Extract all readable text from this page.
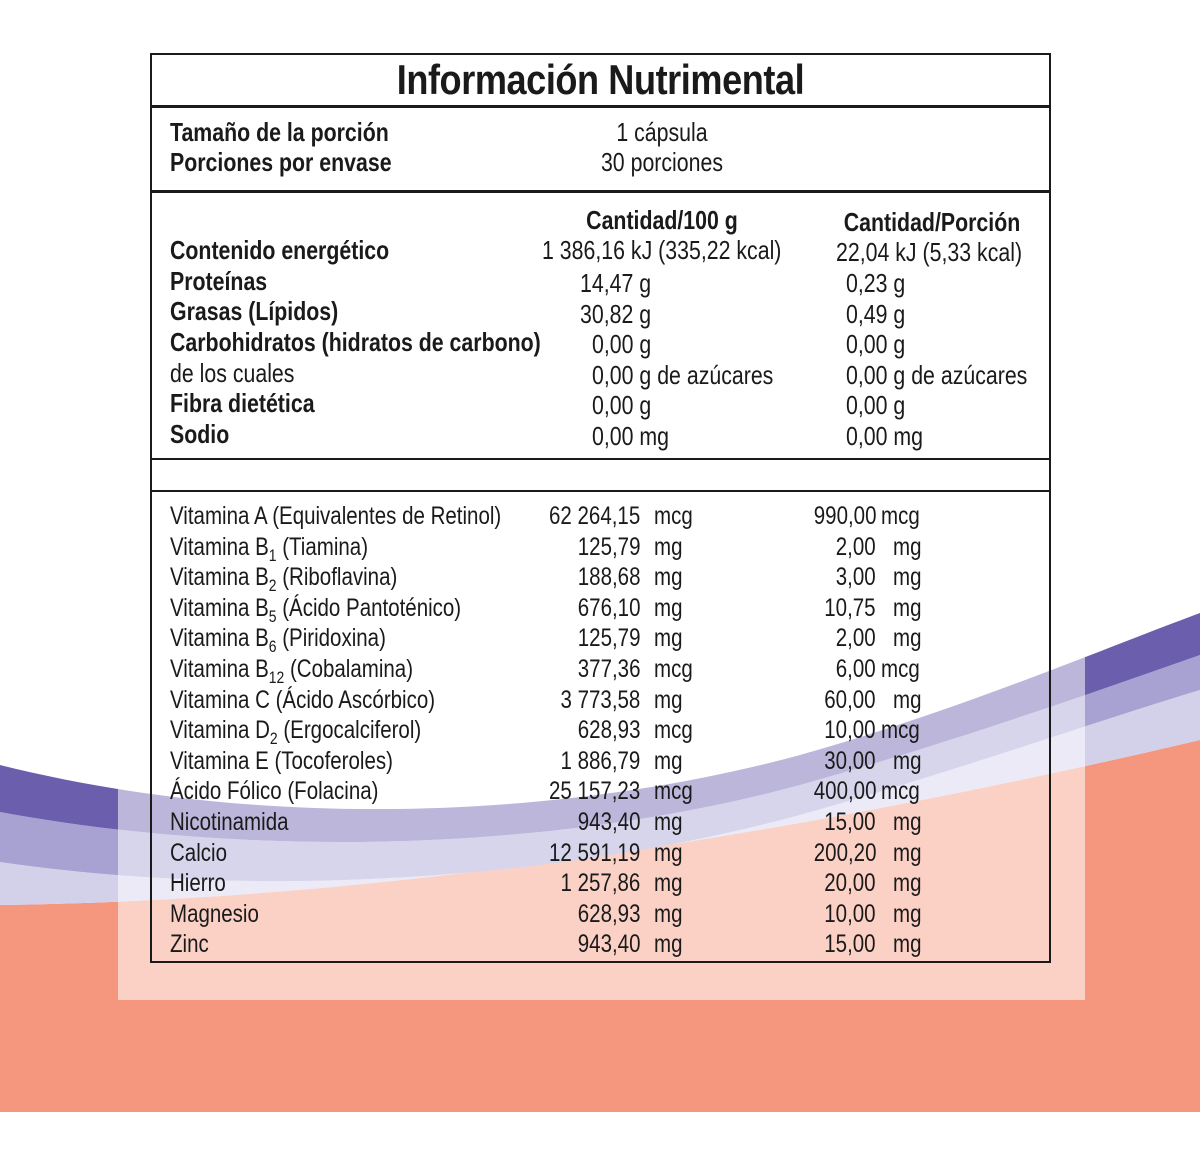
Información Nutrimental
Tamaño de la porción	1 cápsula
Porciones por envase	30 porciones
Cantidad/100 g	Cantidad/Porción
Contenido energético	1 386,16 kJ (335,22 kcal) 22,04 kJ (5,33 kcal)
Proteínas	14,47 g	0,23 g
Grasas (Lípidos)	30,82 g	0,49 g
Carbohidratos (hidratos de carbono) 0,00 g	0,00 g
de los cuales	0,00 g de azúcares	0,00 g de azúcares
Fibra dietética	0,00 g	0,00 g
Sodio	0,00 mg	0,00 mg
Vitamina A (Equivalentes de Retinol) 62 264,15 mcg	990,00 mcg
Vitamina $B_1$ (Tiamina)	125,79 mg	2,00 mg
Vitamina $B_2$ (Riboflavina)	188,68 mg	3,00 mg
Vitamina $B_5$ (Ácido Pantoténico)	676,10 mg	10,75 mg
Vitamina $B_6$ (Piridoxina)	125,79 mg	2,00 mg
Vitamina $B_{12}$ (Cobalamina)	377,36 mcg	6,00 mcg
Vitamina C (Ácido Ascórbico)	3 773,58 mg	60,00 mg
Vitamina $D_2$ (Ergocalciferol)	628,93 mcg	10,00 mcg
Vitamina E (Tocoferoles)	1 886,79 mg	30,00 mg
Ácido Fólico (Folacina)	25 157,23 mcg	400,00 mcg
Nicotinamida	943,40 mg	15,00 mg
Calcio	12 591,19 mg	200,20 mg
Hierro	1 257,86 mg	20,00 mg
Magnesio	628,93 mg	10,00 mg
Zinc	943,40 mg	15,00 mg
